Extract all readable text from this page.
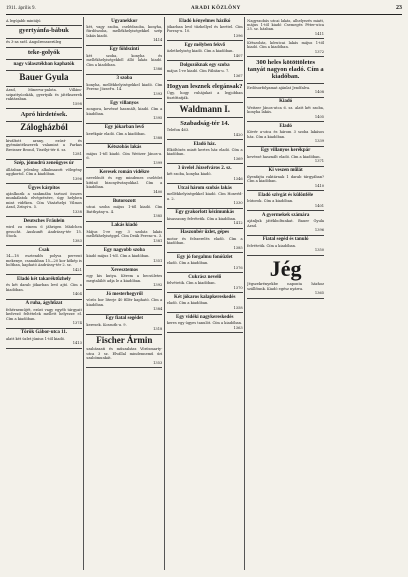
1911. április 9.	ARADI KÖZLÖNY	23

A legújabb mintájú

gyertyánfa-bábuk

és 3-as szél. Angolrenszerüleg

teke-golyók
nagy választékban kaphatók
Bauer Gyula

Arad, Minerva-palota. Villám-szipattyúcskák, gyertyák és játékszerek raktáraban.

1598
Apró hirdetések.
Zálogházból

kiváltott arany, ezüst- és gyémántékszerek valamint a Farkas Breisner Brond, Tisztlyi-tér 6. sz.

1281
Szép, jómodrú zeneügyes úr

állásban jelenleg alkalmazott vőlegény aggkortol. Cím a kiadóban.

1396
Ügyes kárpitos

ajánlkozik a szakmába tartozó összes munkálatok elvégzésére, úgy helyben mint vidéken. Cím Vásárhelyi Vilmos Arad, Zrínyi-u. 5.

1338
Deutsches Fräulein

wird zu einem 6 jährigen Mädchen gesucht. Auskunft Andrássy-tér 15. Stock.

1383
Csak

14—18 esztendős polyva pervent mekenye, csanakban 15—20 kor kőkép is boltban, kapható Andrássy-tér 2. sz.

1421
Eladó két takaréktűzhely

és két darab jókarban levő ajtó. Cím a kiadóban.

1404
A ruha, ágyhűzat

fehérneműjét, ezüst vagy egyéb tárgyait kedvező feltételek mellett helyezze el. Cím a kiadóban.

1374
Török Gábor-utca 11.

alatt két üzlet június 1-től kiadó.

1413
Ugyanekkor

két, vagy szoba, cselédszoba, konyha, fürdőszoba, mellékhelyiségekkel szép lakás kiadó.

1414
Egy földszinti

két szoba, konyha és mellékhelyiségekből álló lakás kiadó. Cím a kiadóban.

1386
3 szoba

konyha, mellékhelyiségekkel kiadó. Cím Ferenc József-u. 14.

1393
Egy villanyos

zongora, kevéssé használt, kiadó. Cím a kiadóban.

1395
Egy jókarban levő

kerékpár eladó. Cím a kiadóban.

1388
Kétszobás lakás

május 1-től kiadó. Cím Weitzer János-u. 6.

1399
Keresek román vidékre

nevelőnőt és egy mindenes cselédet kitűnő bizonyítványokkal. Cím a kiadóban.

1400
Butorozott

utcai szoba május 1-től kiadó. Cím Batthyány-u. 4.

1385
Lakás kiadó

Május 1-re egy 3 szobás lakás mellékhelyiséggel. Cím Deák Ferenc-u. 3.

1381
Egy nagyobb szoba

kiadó május 1-től. Cím a kiadóban.

1351
Xevesztemos

egy kis kutya. Kérem a becsületes megtalálót adja le a kiadóban.

1392
Jó mesterhegyről

vörös bor literje 40 fillér kapható. Cím a kiadóban.

1384
Egy fiatal segédet

keresek. Kossuth-u. 9.

1318
Fischer Ármin

szabászati és műszabász Vörösmarty-utca 3 sz. Elvállal mindennemű úri szabómunkát.

1353
Eladó kényelmes házikó

jókarban levő tűzhellyel és kerttel. Cím Forray-u. 10.

1396
Egy mélyben fekvő

üzlethelyiség kiadó. Cím a kiadóban.

1407
Dolgozóknak egy szoba

május 1-re kiadó. Cím Fábián-u. 7.

1367
Hogyan lesznek elegánsak?

Úgy, hogy ruhájukat a legjobban tisztíttatják.

Waldmann I.
Szabadság-tér 14.

Telefon 463.

1420
Eladó ház.

Elköltözés miatt kertes ház eladó. Cím a kiadóban.

1369
3 üvelel Józsefváros 2. sz.

két szoba, konyha kiadó.

1346
Utcai három szobás lakás

mellékhelyiségekkel kiadó. Cím Honvéd-u. 2.

1330
Egy gyakorlott kézimunkás

kisasszony felvétetik. Cím a kiadóban.

1412
Haszonbér üzlet, gépes

motor és felszerelés eladó. Cím a kiadóban.

1385
Egy jó forgalmu fonóüzlet

eladó. Cím a kiadóban.

1376
Cukrász nevelő

felvétetik. Cím a kiadóban.

1370
Két jókaros kalapkereskedés

eladó. Cím a kiadóban.

1358
Egy vidéki nagykereskedés

keres egy ügyes tanulót. Cím a kiadóban.

1363

Nagyszobás utcai lakás, alhelyezés miatt, május 1-től kiadó Csemegés Péter-utca 25. sz. házban.

1411

Kétszobás, kőrutcai lakás május 1-től kiadó. Cím a kiadóban.

1372
300 heles kötöttöletes tanyát nagyon eladó. Cím a kiadóban.

Erdősorfolyamat ajánlat Jenőfalva.

1408
Kiadó

Weitzer János-utca 6. sz. alatt két szoba, konyha lakás.

1405
Eladó

Kövér a-utca és három 3 szoba lakásos ház. Cím a kiadóban.

1339
Egy villanyos kerékpár

kevéssé használt eladó. Cím a kiadóban.

1371
Ki veszen műlát

ilyenfajta raktárnak 1 darab tárgyában? Cím a kiadóban.

1410
Eladó szivgát és különféle

bútorok. Cím a kiadóban.

1401
A gyermekek számára

ajánljuk játékboltunkat. Bauer Gyula Arad.

1396
Fiatal segéd és tanuló

felvétetik. Cím a kiadóban.

1350
Jég

Jégszekrényekbe naponta házhoz szállítunk. Kiadó egész nyárra.

1365
